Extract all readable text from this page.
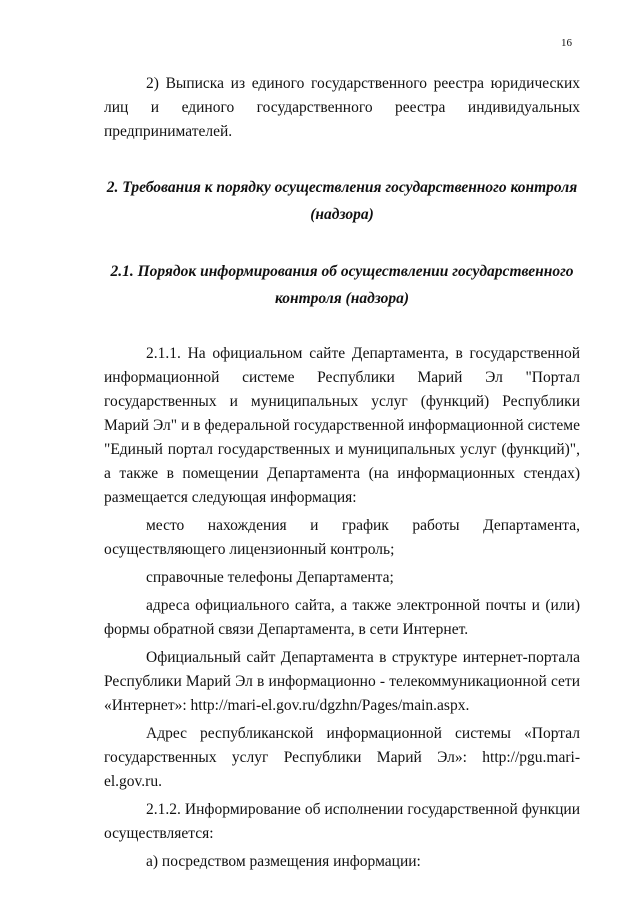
16

2) Выписка из единого государственного реестра юридических лиц и единого государственного реестра индивидуальных предпринимателей.

2. Требования к порядку осуществления государственного контроля (надзора)

2.1. Порядок информирования об осуществлении государственного контроля (надзора)

2.1.1. На официальном сайте Департамента, в государственной информационной системе Республики Марий Эл "Портал государственных и муниципальных услуг (функций) Республики Марий Эл" и в федеральной государственной информационной системе "Единый портал государственных и муниципальных услуг (функций)", а также в помещении Департамента (на информационных стендах) размещается следующая информация:

место нахождения и график работы Департамента, осуществляющего лицензионный контроль;

справочные телефоны Департамента;

адреса официального сайта, а также электронной почты и (или) формы обратной связи Департамента, в сети Интернет.

Официальный сайт Департамента в структуре интернет-портала Республики Марий Эл в информационно - телекоммуникационной сети «Интернет»: http://mari-el.gov.ru/dgzhn/Pages/main.aspx.

Адрес республиканской информационной системы «Портал государственных услуг Республики Марий Эл»: http://pgu.mari-el.gov.ru.

2.1.2. Информирование об исполнении государственной функции осуществляется:

а) посредством размещения информации:
